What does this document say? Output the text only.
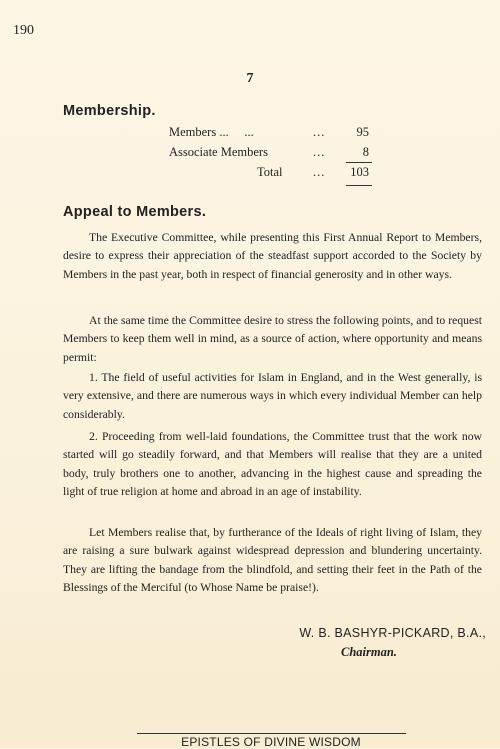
190
7
Membership.
Members ...     ...	... 95
Associate Members	...	8
Total ... 103
Appeal to Members.

The Executive Committee, while presenting this First Annual Report to Members, desire to express their appreciation of the steadfast support accorded to the Society by Members in the past year, both in respect of financial generosity and in other ways.

At the same time the Committee desire to stress the following points, and to request Members to keep them well in mind, as a source of action, where opportunity and means permit:

1. The field of useful activities for Islam in England, and in the West generally, is very extensive, and there are numerous ways in which every individual Member can help considerably.

2. Proceeding from well-laid foundations, the Committee trust that the work now started will go steadily forward, and that Members will realise that they are a united body, truly brothers one to another, advancing in the highest cause and spreading the light of true religion at home and abroad in an age of instability.

Let Members realise that, by furtherance of the Ideals of right living of Islam, they are raising a sure bulwark against widespread depression and blundering uncertainty. They are lifting the bandage from the blindfold, and setting their feet in the Path of the Blessings of the Merciful (to Whose Name be praise!).

W. B. BASHYR-PICKARD, B.A.,
Chairman.
EPISTLES OF DIVINE WISDOM
